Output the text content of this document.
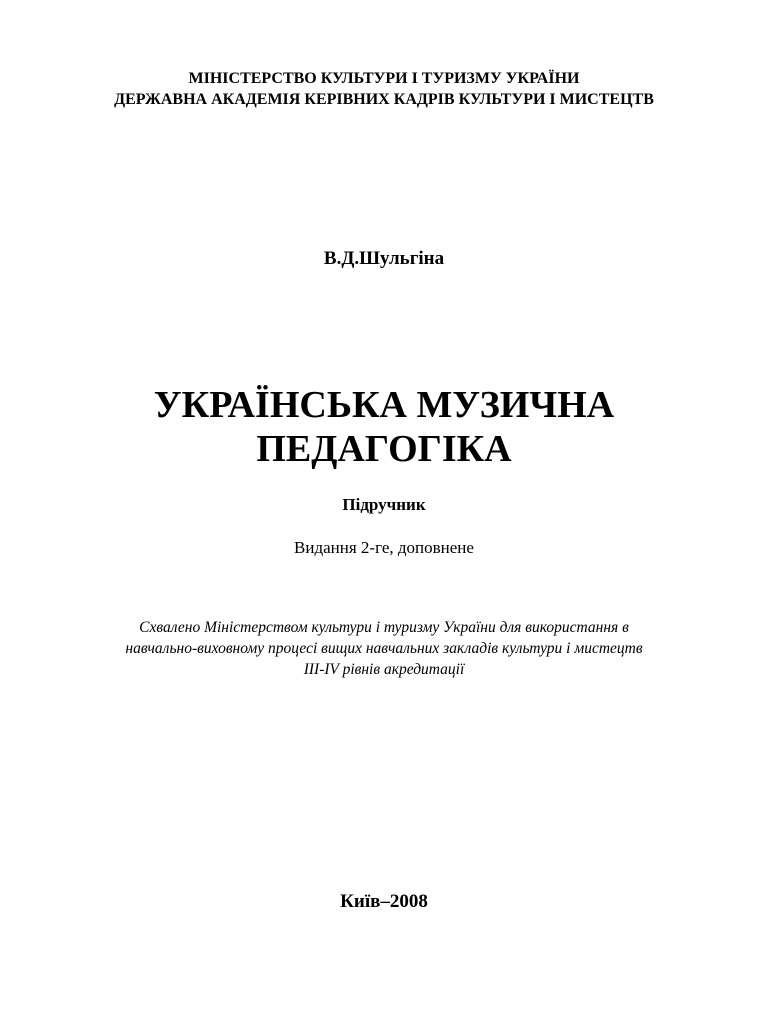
МІНІСТЕРСТВО КУЛЬТУРИ І ТУРИЗМУ УКРАЇНИ
ДЕРЖАВНА АКАДЕМІЯ КЕРІВНИХ КАДРІВ КУЛЬТУРИ І МИСТЕЦТВ
В.Д.Шульгіна
УКРАЇНСЬКА МУЗИЧНА
ПЕДАГОГІКА
Підручник
Видання 2-ге, доповнене
Схвалено Міністерством культури і туризму України для використання в
навчально-виховному процесі вищих навчальних закладів культури і мистецтв
III-IV рівнів акредитації
Київ–2008
